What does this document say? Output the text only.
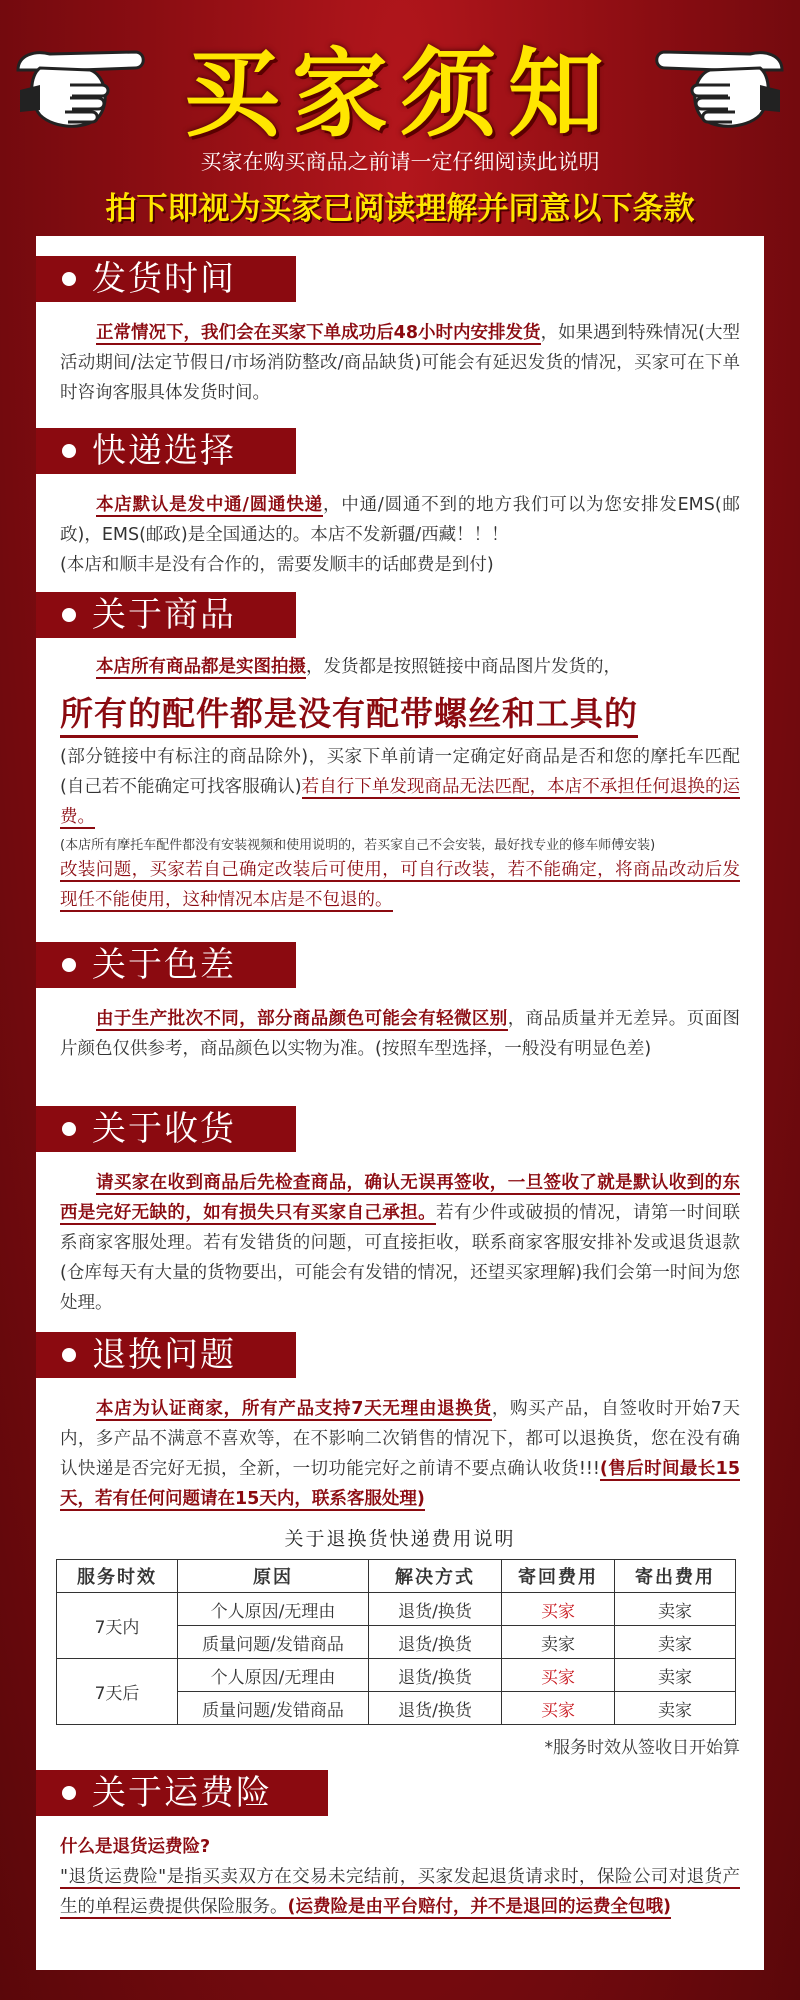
买家须知
买家在购买商品之前请一定仔细阅读此说明
拍下即视为买家已阅读理解并同意以下条款
发货时间

正常情况下，我们会在买家下单成功后48小时内安排发货，如果遇到特殊情况(大型活动期间/法定节假日/市场消防整改/商品缺货)可能会有延迟发货的情况，买家可在下单时咨询客服具体发货时间。

快递选择

本店默认是发中通/圆通快递，中通/圆通不到的地方我们可以为您安排发EMS(邮政)，EMS(邮政)是全国通达的。本店不发新疆/西藏！！！

(本店和顺丰是没有合作的，需要发顺丰的话邮费是到付)

关于商品

本店所有商品都是实图拍摄，发货都是按照链接中商品图片发货的，

所有的配件都是没有配带螺丝和工具的

(部分链接中有标注的商品除外)，买家下单前请一定确定好商品是否和您的摩托车匹配(自己若不能确定可找客服确认)若自行下单发现商品无法匹配，本店不承担任何退换的运费。

(本店所有摩托车配件都没有安装视频和使用说明的，若买家自己不会安装，最好找专业的修车师傅安装)

改装问题，买家若自己确定改装后可使用，可自行改装，若不能确定，将商品改动后发现任不能使用，这种情况本店是不包退的。

关于色差

由于生产批次不同，部分商品颜色可能会有轻微区别，商品质量并无差异。页面图片颜色仅供参考，商品颜色以实物为准。(按照车型选择，一般没有明显色差)

关于收货

请买家在收到商品后先检查商品，确认无误再签收，一旦签收了就是默认收到的东西是完好无缺的，如有损失只有买家自己承担。若有少件或破损的情况，请第一时间联系商家客服处理。若有发错货的问题，可直接拒收，联系商家客服安排补发或退货退款(仓库每天有大量的货物要出，可能会有发错的情况，还望买家理解)我们会第一时间为您处理。

退换问题

本店为认证商家，所有产品支持7天无理由退换货，购买产品，自签收时开始7天内，多产品不满意不喜欢等，在不影响二次销售的情况下，都可以退换货，您在没有确认快递是否完好无损，全新，一切功能完好之前请不要点确认收货!!!(售后时间最长15天，若有任何问题请在15天内，联系客服处理)

关于退换货快递费用说明
服务时效	原因	解决方式	寄回费用	寄出费用
7天内	个人原因/无理由	退货/换货	买家	卖家
	质量问题/发错商品	退货/换货	卖家	卖家
7天后	个人原因/无理由	退货/换货	买家	卖家
	质量问题/发错商品	退货/换货	买家	卖家
*服务时效从签收日开始算
关于运费险

什么是退货运费险?

"退货运费险"是指买卖双方在交易未完结前，买家发起退货请求时，保险公司对退货产生的单程运费提供保险服务。(运费险是由平台赔付，并不是退回的运费全包哦)
